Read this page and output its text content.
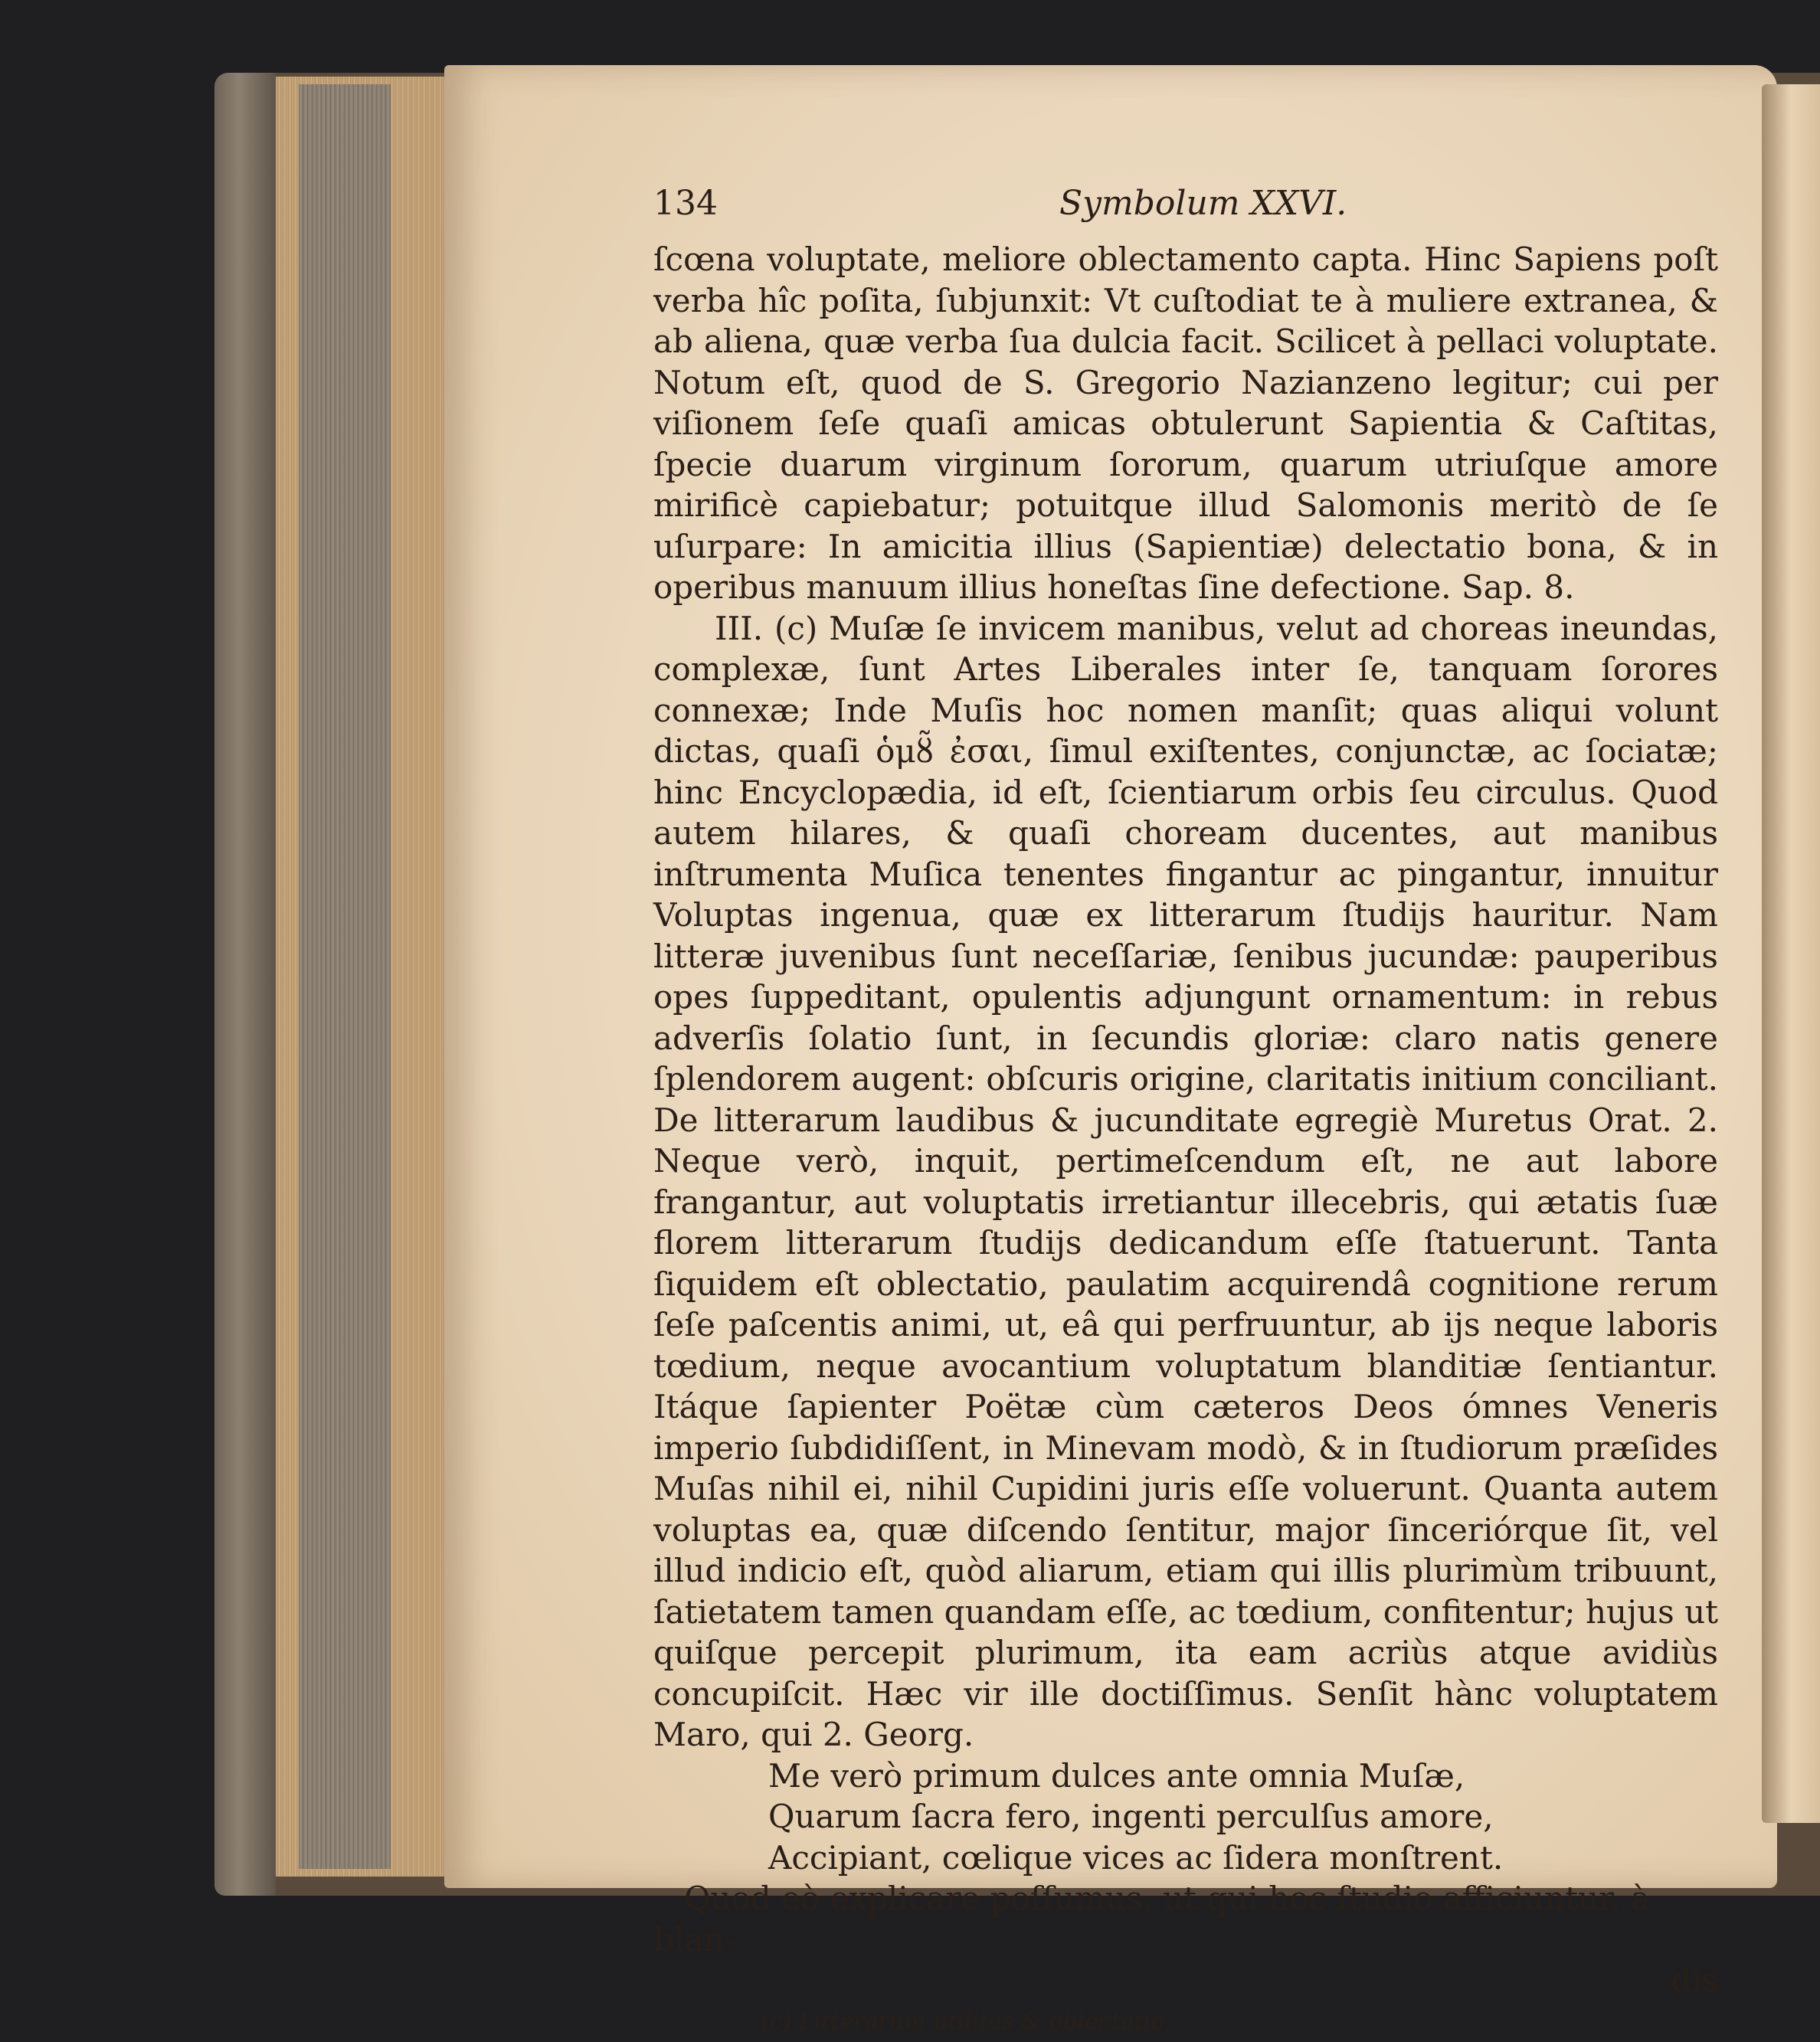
134	Symbolum XXVI.

ſcœna voluptate, meliore oblectamento capta. Hinc Sapiens poſt verba hîc poſita, ſubjunxit: Vt cuſtodiat te à muliere extranea, & ab aliena, quæ verba ſua dulcia facit. Scilicet à pellaci voluptate. Notum eſt, quod de S. Gregorio Nazianzeno legitur; cui per viſionem ſeſe quaſi amicas obtulerunt Sapientia & Caſtitas, ſpecie duarum virginum ſororum, quarum utriuſque amore mirificè capiebatur; potuitque illud Salomonis meritò de ſe uſurpare: In amicitia illius (Sapientiæ) delectatio bona, & in operibus manuum illius honeſtas ſine defectione. Sap. 8.

III. (c) Muſæ ſe invicem manibus, velut ad choreas ineundas, complexæ, ſunt Artes Liberales inter ſe, tanquam ſorores connexæ; Inde Muſis hoc nomen manſit; quas aliqui volunt dictas, quaſi ὁμȣ̃ ἐσαι, ſimul exiſtentes, conjunctæ, ac ſociatæ; hinc Encyclopædia, id eſt, ſcientiarum orbis ſeu circulus. Quod autem hilares, & quaſi choream ducentes, aut manibus inſtrumenta Muſica tenentes fingantur ac pingantur, innuitur Voluptas ingenua, quæ ex litterarum ſtudijs hauritur. Nam litteræ juvenibus ſunt neceſſariæ, ſenibus jucundæ: pauperibus opes ſuppeditant, opulentis adjungunt ornamentum: in rebus adverſis ſolatio ſunt, in ſecundis gloriæ: claro natis genere ſplendorem augent: obſcuris origine, claritatis initium conciliant. De litterarum laudibus & jucunditate egregiè Muretus Orat. 2. Neque verò, inquit, pertimeſcendum eſt, ne aut labore frangantur, aut voluptatis irretiantur illecebris, qui ætatis ſuæ florem litterarum ſtudijs dedicandum eſſe ſtatuerunt. Tanta ſiquidem eſt oblectatio, paulatim acquirendâ cognitione rerum ſeſe paſcentis animi, ut, eâ qui perfruuntur, ab ijs neque laboris tœdium, neque avocantium voluptatum blanditiæ ſentiantur. Itáque ſapienter Poëtæ cùm cæteros Deos ómnes Veneris imperio ſubdidiſſent, in Minevam modò, & in ſtudiorum præſides Muſas nihil ei, nihil Cupidini juris eſſe voluerunt. Quanta autem voluptas ea, quæ diſcendo ſentitur, major ſinceriórque ſit, vel illud indicio eſt, quòd aliarum, etiam qui illis plurimùm tribuunt, ſatietatem tamen quandam eſſe, ac tœdium, confitentur; hujus ut quiſque percepit plurimum, ita eam acriùs atque avidiùs concupiſcit. Hæc vir ille doctiſſimus. Senſit hànc voluptatem Maro, qui 2. Georg.

Me verò primum dulces ante omnia Muſæ,
Quarum ſacra fero, ingenti perculſus amore,
Accipiant, cœlique vices ac ſidera monſtrent.

Quod eò explicare poſſumus, ut qui hoc ſtudio afficiuntur, à blan-

dis

(c) Litterarum utilitas & oblectatio.
